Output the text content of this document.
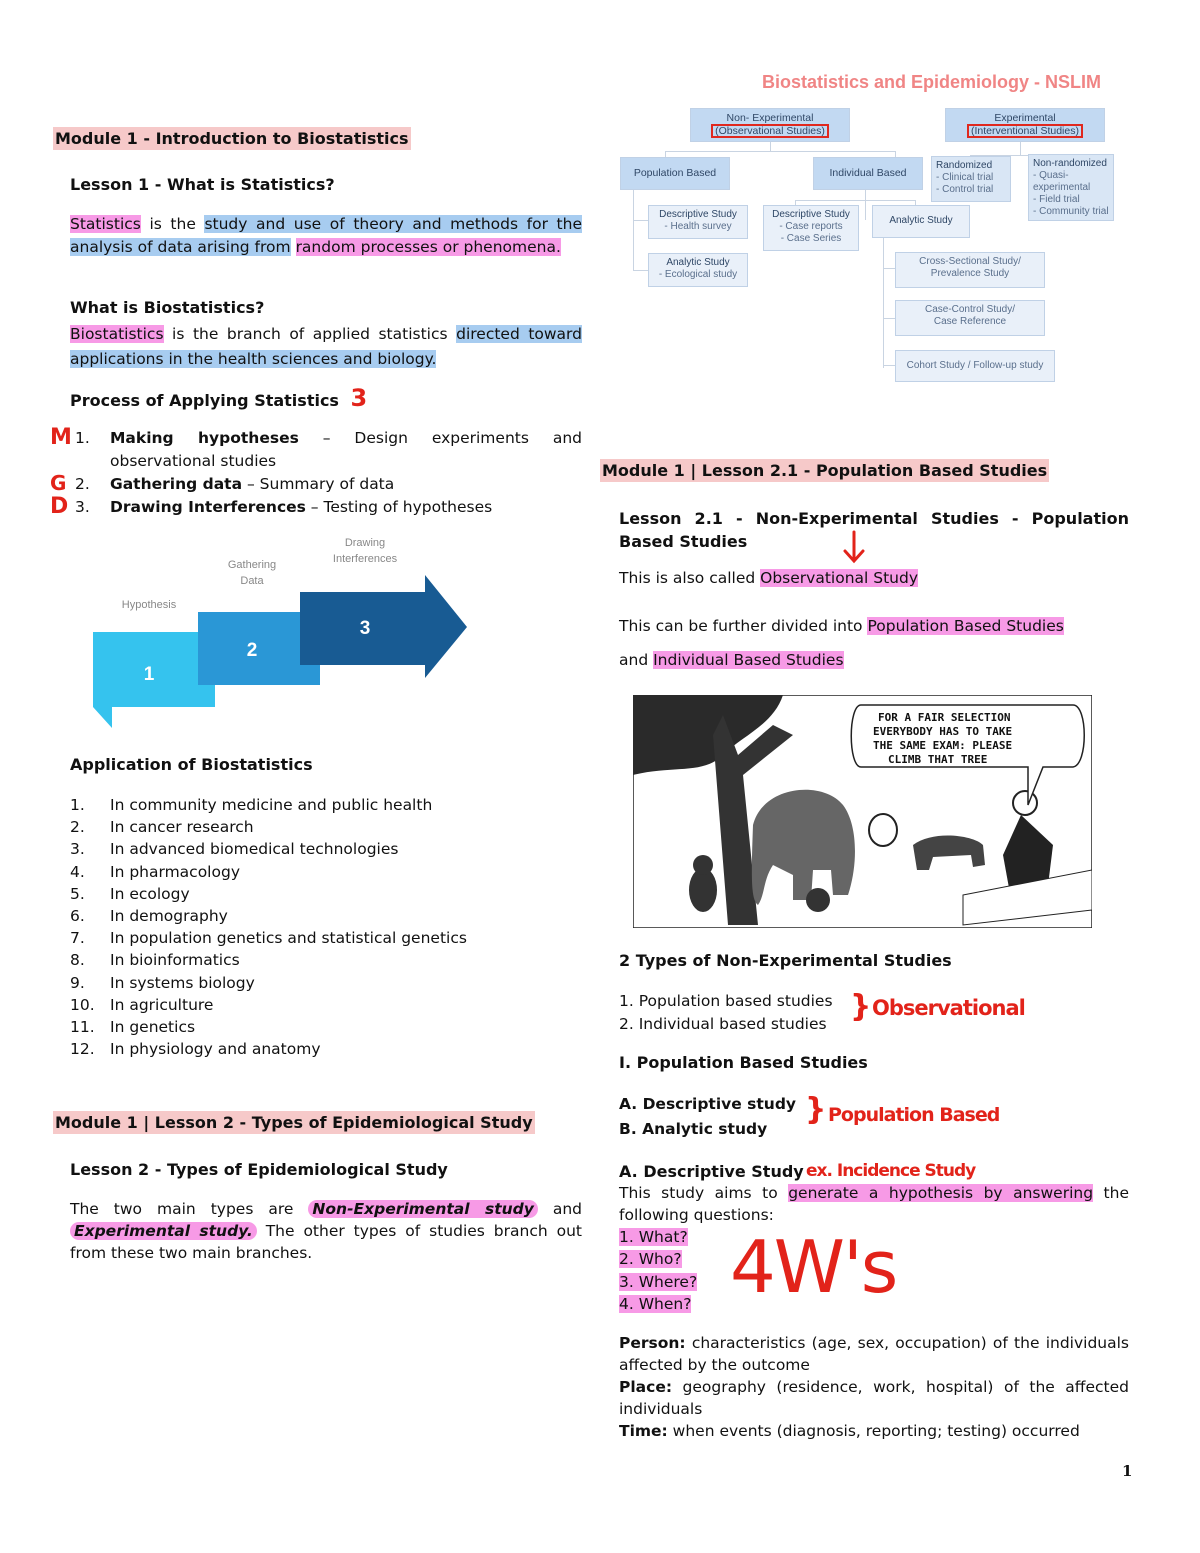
Biostatistics and Epidemiology - NSLIM
Module 1 - Introduction to Biostatistics
Lesson 1 - What is Statistics?
Statistics is the study and use of theory and methods for the analysis of data arising from random processes or phenomena.
What is Biostatistics?
Biostatistics is the branch of applied statistics directed toward applications in the health sciences and biology.
Process of Applying Statistics 3
M 1.	Making hypotheses – Design experiments and observational studies
G 2.	Gathering data – Summary of data
D 3.	Drawing Interferences – Testing of hypotheses
Hypothesis
Gathering
Data
Drawing
Interferences
1
2
3
Application of Biostatistics
1.	In community medicine and public health
2.	In cancer research
3.	In advanced biomedical technologies
4.	In pharmacology
5.	In ecology
6.	In demography
7.	In population genetics and statistical genetics
8.	In bioinformatics
9.	In systems biology
10. In agriculture
11. In genetics
12. In physiology and anatomy
Module 1 | Lesson 2 - Types of Epidemiological Study
Lesson 2 - Types of Epidemiological Study
The two main types are Non-Experimental study and Experimental study. The other types of studies branch out from these two main branches.
Non- Experimental
(Observational Studies)
Experimental
(Interventional Studies)
Population Based	Individual Based
Randomized
- Clinical trial
- Control trial
Non-randomized
- Quasi-
experimental
- Field trial
- Community trial
Descriptive Study
- Health survey
Descriptive Study
- Case reports
- Case Series
Analytic Study
- Ecological study
Analytic Study
Cross-Sectional Study/
Prevalence Study
Case-Control Study/
Case Reference
Cohort Study / Follow-up study
Module 1 | Lesson 2.1 - Population Based Studies
Lesson 2.1 - Non-Experimental Studies - Population Based Studies
This is also called Observational Study
This can be further divided into Population Based Studies
and Individual Based Studies
FOR A FAIR SELECTION EVERYBODY HAS TO TAKE THE SAME EXAM: PLEASE CLIMB THAT TREE
2 Types of Non-Experimental Studies
1. Population based studies
2. Individual based studies } Observational
I. Population Based Studies
A. Descriptive study
B. Analytic study
} Population Based
A. Descriptive Study ex. Incidence Study
This study aims to generate a hypothesis by answering the following questions:
1. What?
2. Who?
3. Where?
4. When? 4W's
Person: characteristics (age, sex, occupation) of the individuals affected by the outcome
Place: geography (residence, work, hospital) of the affected individuals
Time: when events (diagnosis, reporting; testing) occurred
1
